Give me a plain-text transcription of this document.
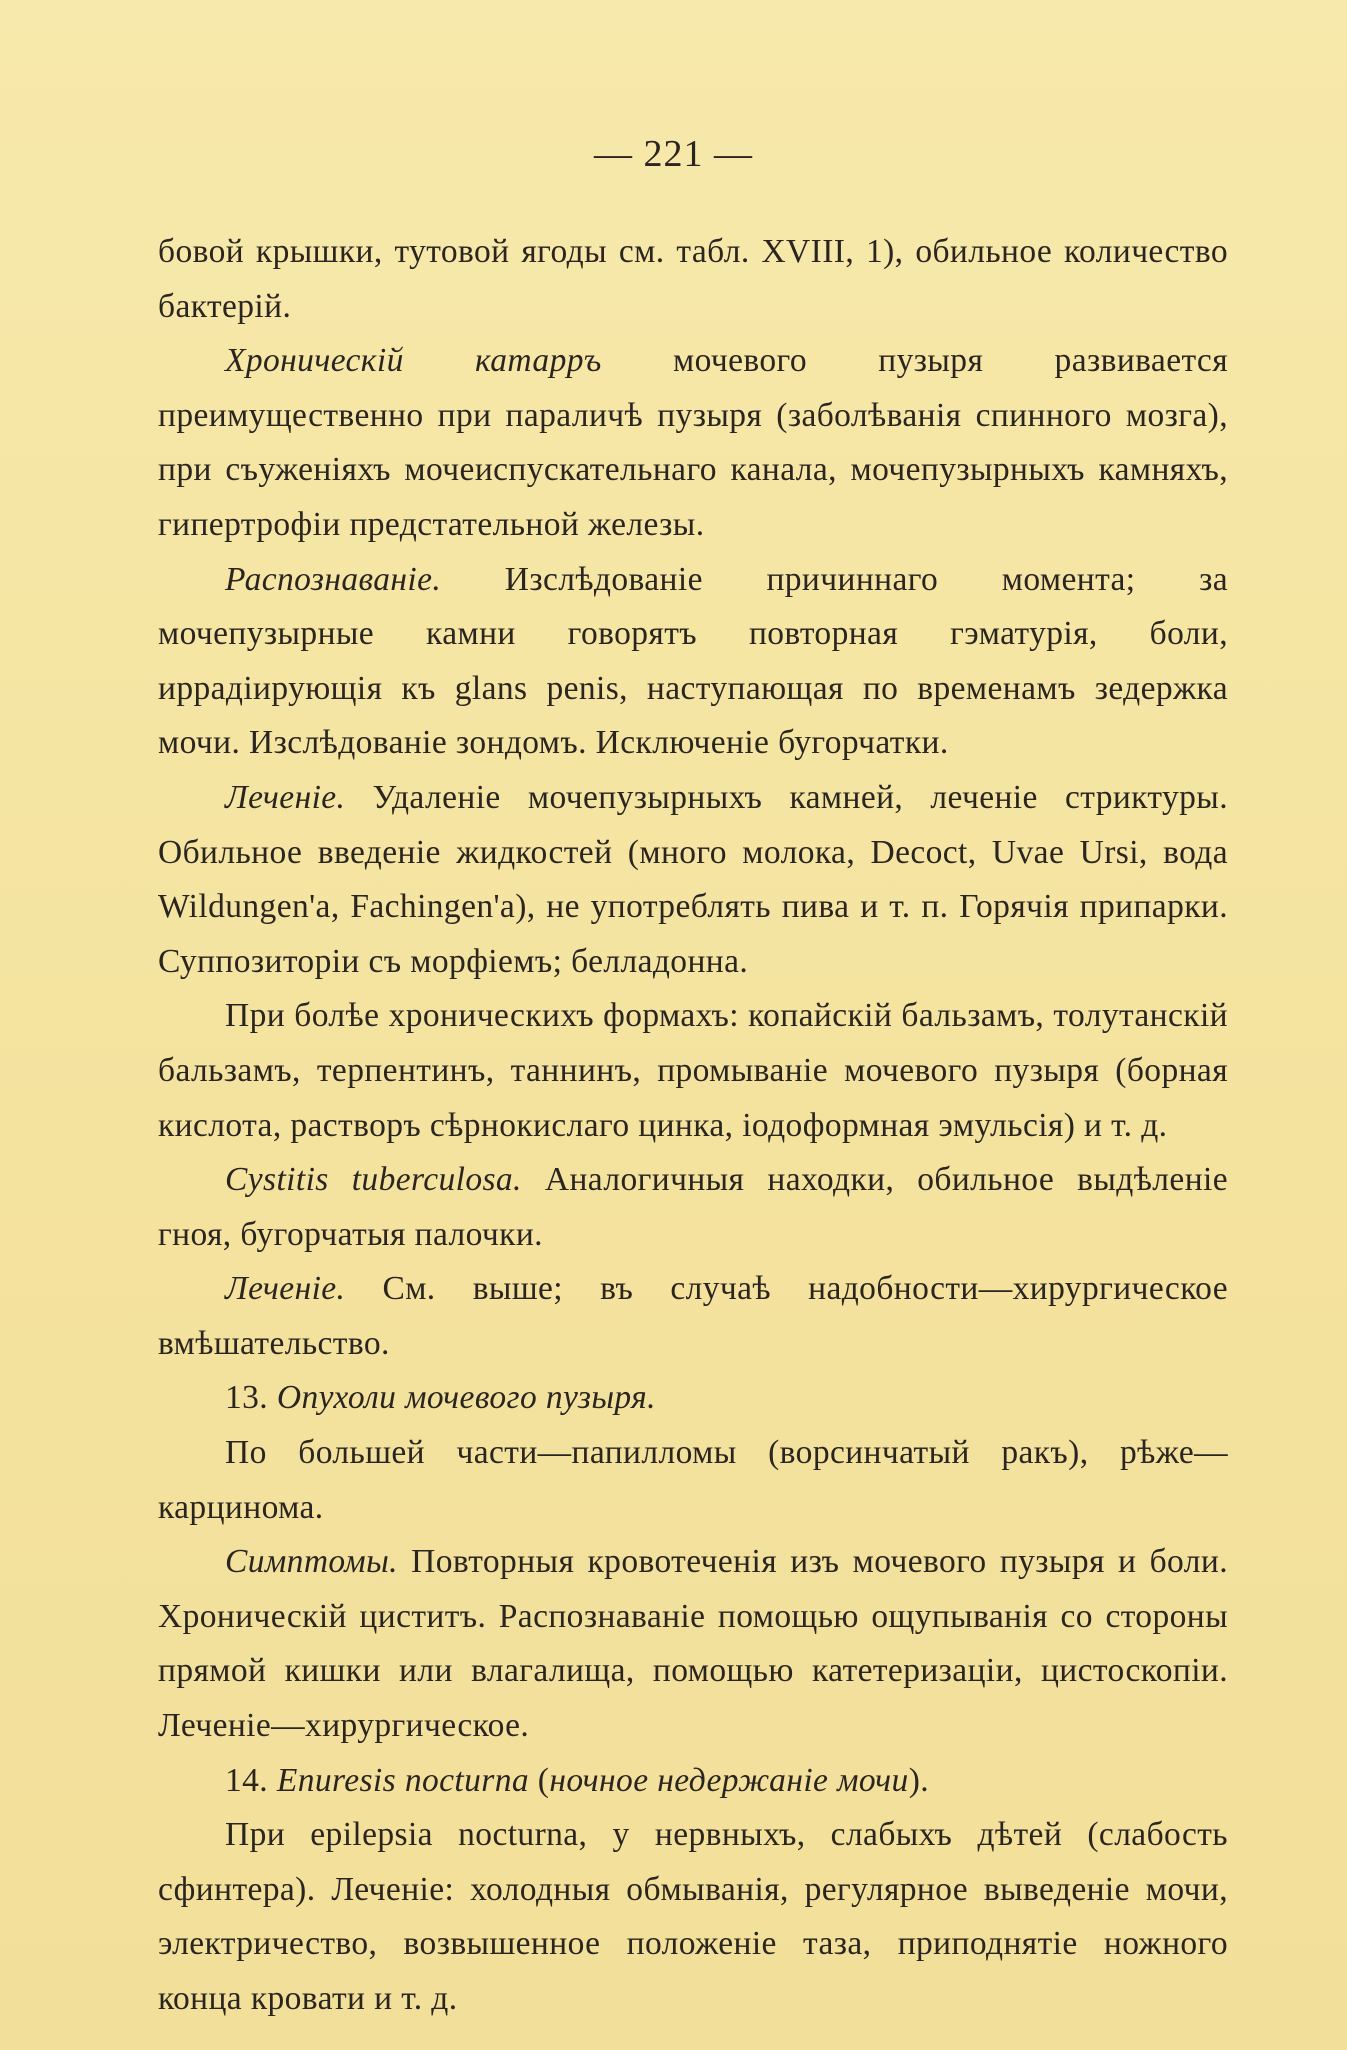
— 221 —

бовой крышки, тутовой ягоды см. табл. XVIII, 1), обильное количество бактерій.

Хроническій катарръ мочевого пузыря развивается преимущественно при параличѣ пузыря (заболѣванія спинного мозга), при съуженіяхъ мочеиспускательнаго канала, мочепузырныхъ камняхъ, гипертрофіи предстательной железы.

Распознаваніе. Изслѣдованіе причиннаго момента; за мочепузырные камни говорятъ повторная гэматурія, боли, иррадіирующія къ glans penis, наступающая по временамъ зедержка мочи. Изслѣдованіе зондомъ. Исключеніе бугорчатки.

Леченіе. Удаленіе мочепузырныхъ камней, леченіе стриктуры. Обильное введеніе жидкостей (много молока, Decoct, Uvae Ursi, вода Wildungen'a, Fachingen'a), не употреблять пива и т. п. Горячія припарки. Суппозиторіи съ морфіемъ; белладонна.

При болѣе хроническихъ формахъ: копайскій бальзамъ, толутанскій бальзамъ, терпентинъ, таннинъ, промываніе мочевого пузыря (борная кислота, растворъ сѣрнокислаго цинка, іодоформная эмульсія) и т. д.

Cystitis tuberculosa. Аналогичныя находки, обильное выдѣленіе гноя, бугорчатыя палочки.

Леченіе. См. выше; въ случаѣ надобности—хирургическое вмѣшательство.

13. Опухоли мочевого пузыря.

По большей части—папилломы (ворсинчатый ракъ), рѣже—карцинома.

Симптомы. Повторныя кровотеченія изъ мочевого пузыря и боли. Хроническій циститъ. Распознаваніе помощью ощупыванія со стороны прямой кишки или влагалища, помощью катетеризаціи, цистоскопіи. Леченіе—хирургическое.

14. Enuresis nocturna (ночное недержаніе мочи).

При epilepsia nocturna, у нервныхъ, слабыхъ дѣтей (слабость сфинтера). Леченіе: холодныя обмыванія, регулярное выведеніе мочи, электричество, возвышенное положеніе таза, приподнятіе ножного конца кровати и т. д.
